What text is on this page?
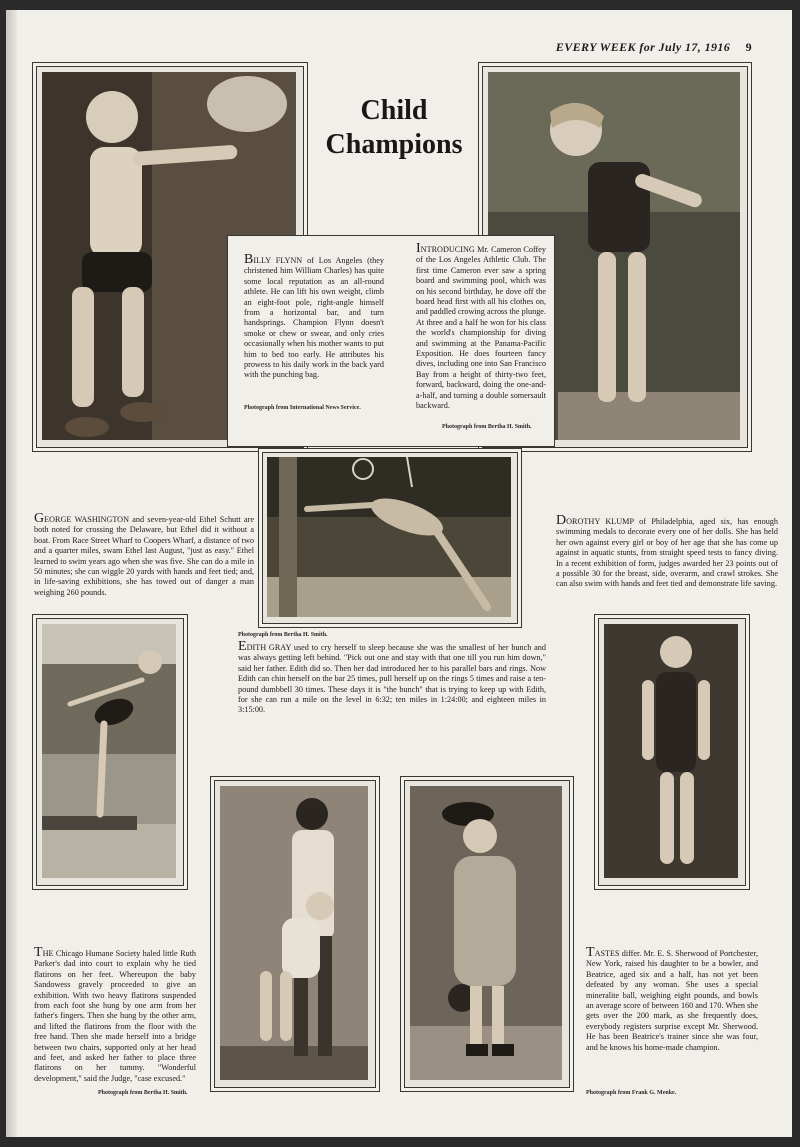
EVERY WEEK for July 17, 1916 9
Child
Champions
BILLY FLYNN of Los Angeles (they christened him William Charles) has quite some local reputation as an all-round athlete. He can lift his own weight, climb an eight-foot pole, right-angle himself from a horizontal bar, and turn handsprings. Champion Flynn doesn't smoke or chew or swear, and only cries occasionally when his mother wants to put him to bed too early. He attributes his prowess to his daily work in the back yard with the punching bag.
Photograph from International News Service.
INTRODUCING Mr. Cameron Coffey of the Los Angeles Athletic Club. The first time Cameron ever saw a spring board and swimming pool, which was on his second birthday, he dove off the board head first with all his clothes on, and paddled crowing across the plunge. At three and a half he won for his class the world's championship for diving and swimming at the Panama-Pacific Exposition. He does fourteen fancy dives, including one into San Francisco Bay from a height of thirty-two feet, forward, backward, doing the one-and-a-half, and turning a double somersault backward.
Photograph from Bertha H. Smith.
GEORGE WASHINGTON and seven-year-old Ethel Schutt are both noted for crossing the Delaware, but Ethel did it without a boat. From Race Street Wharf to Coopers Wharf, a distance of two and a quarter miles, swam Ethel last August, "just as easy." Ethel learned to swim years ago when she was five. She can do a mile in 50 minutes; she can wiggle 20 yards with hands and feet tied; and, in life-saving exhibitions, she has towed out of danger a man weighing 260 pounds.
DOROTHY KLUMP of Philadelphia, aged six, has enough swimming medals to decorate every one of her dolls. She has held her own against every girl or boy of her age that she has come up against in aquatic stunts, from straight speed tests to fancy diving. In a recent exhibition of form, judges awarded her 23 points out of a possible 30 for the breast, side, overarm, and crawl strokes. She can also swim with hands and feet tied and demonstrate life saving.
Photograph from Bertha H. Smith.
EDITH GRAY used to cry herself to sleep because she was the smallest of her bunch and was always getting left behind. "Pick out one and stay with that one till you run him down," said her father. Edith did so. Then her dad introduced her to his parallel bars and rings. Now Edith can chin herself on the bar 25 times, pull herself up on the rings 5 times and raise a ten-pound dumbbell 30 times. These days it is "the bunch" that is trying to keep up with Edith, for she can run a mile on the level in 6:32; ten miles in 1:24:00; and eighteen miles in 3:15:00.
THE Chicago Humane Society haled little Ruth Parker's dad into court to explain why he tied flatirons on her feet. Whereupon the baby Sandowess gravely proceeded to give an exhibition. With two heavy flatirons suspended from each foot she hung by one arm from her father's fingers. Then she hung by the other arm, and lifted the flatirons from the floor with the free hand. Then she made herself into a bridge between two chairs, supported only at her head and feet, and asked her father to place three flatirons on her tummy. "Wonderful development," said the Judge, "case excused."
Photograph from Bertha H. Smith.
TASTES differ. Mr. E. S. Sherwood of Portchester, New York, raised his daughter to be a bowler, and Beatrice, aged six and a half, has not yet been defeated by any woman. She uses a special mineralite ball, weighing eight pounds, and bowls an average score of between 160 and 170. When she gets over the 200 mark, as she frequently does, everybody registers surprise except Mr. Sherwood. He has been Beatrice's trainer since she was four, and he knows his home-made champion.
Photograph from Frank G. Menke.
